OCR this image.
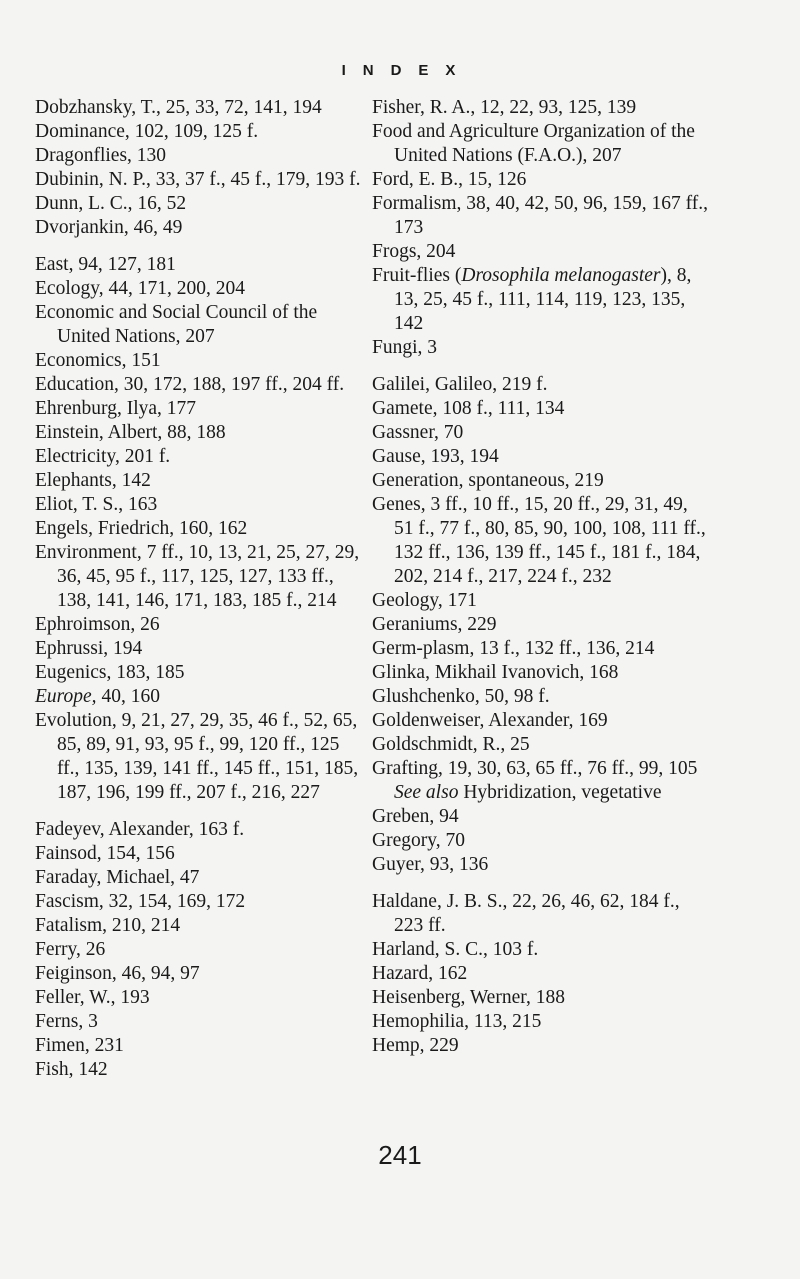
INDEX

Dobzhansky, T., 25, 33, 72, 141, 194

Dominance, 102, 109, 125 f.

Dragonflies, 130

Dubinin, N. P., 33, 37 f., 45 f., 179, 193 f.

Dunn, L. C., 16, 52

Dvorjankin, 46, 49

East, 94, 127, 181

Ecology, 44, 171, 200, 204

Economic and Social Council of the United Nations, 207

Economics, 151

Education, 30, 172, 188, 197 ff., 204 ff.

Ehrenburg, Ilya, 177

Einstein, Albert, 88, 188

Electricity, 201 f.

Elephants, 142

Eliot, T. S., 163

Engels, Friedrich, 160, 162

Environment, 7 ff., 10, 13, 21, 25, 27, 29, 36, 45, 95 f., 117, 125, 127, 133 ff., 138, 141, 146, 171, 183, 185 f., 214

Ephroimson, 26

Ephrussi, 194

Eugenics, 183, 185

Europe, 40, 160

Evolution, 9, 21, 27, 29, 35, 46 f., 52, 65, 85, 89, 91, 93, 95 f., 99, 120 ff., 125 ff., 135, 139, 141 ff., 145 ff., 151, 185, 187, 196, 199 ff., 207 f., 216, 227

Fadeyev, Alexander, 163 f.

Fainsod, 154, 156

Faraday, Michael, 47

Fascism, 32, 154, 169, 172

Fatalism, 210, 214

Ferry, 26

Feiginson, 46, 94, 97

Feller, W., 193

Ferns, 3

Fimen, 231

Fish, 142

Fisher, R. A., 12, 22, 93, 125, 139

Food and Agriculture Organization of the United Nations (F.A.O.), 207

Ford, E. B., 15, 126

Formalism, 38, 40, 42, 50, 96, 159, 167 ff., 173

Frogs, 204

Fruit-flies (Drosophila melanogaster), 8, 13, 25, 45 f., 111, 114, 119, 123, 135, 142

Fungi, 3

Galilei, Galileo, 219 f.

Gamete, 108 f., 111, 134

Gassner, 70

Gause, 193, 194

Generation, spontaneous, 219

Genes, 3 ff., 10 ff., 15, 20 ff., 29, 31, 49, 51 f., 77 f., 80, 85, 90, 100, 108, 111 ff., 132 ff., 136, 139 ff., 145 f., 181 f., 184, 202, 214 f., 217, 224 f., 232

Geology, 171

Geraniums, 229

Germ-plasm, 13 f., 132 ff., 136, 214

Glinka, Mikhail Ivanovich, 168

Glushchenko, 50, 98 f.

Goldenweiser, Alexander, 169

Goldschmidt, R., 25

Grafting, 19, 30, 63, 65 ff., 76 ff., 99, 105

See also Hybridization, vegetative

Greben, 94

Gregory, 70

Guyer, 93, 136

Haldane, J. B. S., 22, 26, 46, 62, 184 f., 223 ff.

Harland, S. C., 103 f.

Hazard, 162

Heisenberg, Werner, 188

Hemophilia, 113, 215

Hemp, 229

241
